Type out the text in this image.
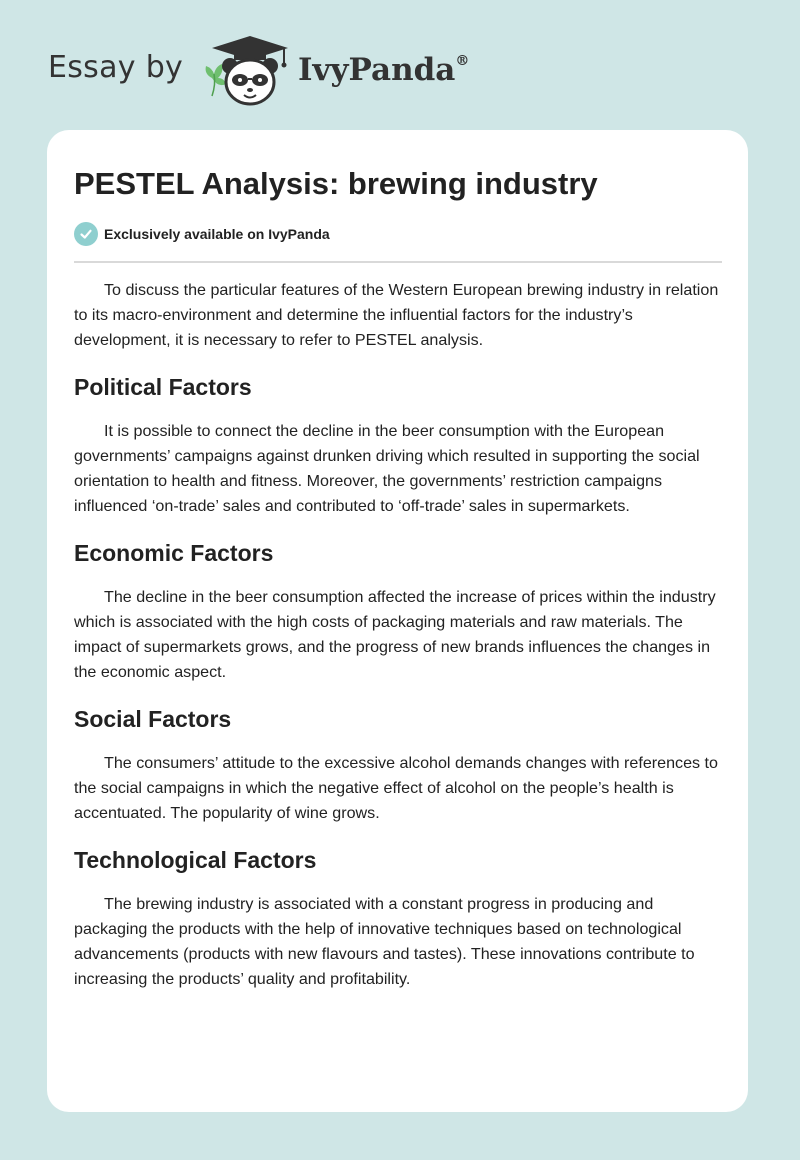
Essay by	IvyPanda®
PESTEL Analysis: brewing industry
Exclusively available on IvyPanda

To discuss the particular features of the Western European brewing industry in relation to its macro-environment and determine the influential factors for the industry’s development, it is necessary to refer to PESTEL analysis.

Political Factors

It is possible to connect the decline in the beer consumption with the European governments’ campaigns against drunken driving which resulted in supporting the social orientation to health and fitness. Moreover, the governments’ restriction campaigns influenced ‘on-trade’ sales and contributed to ‘off-trade’ sales in supermarkets.

Economic Factors

The decline in the beer consumption affected the increase of prices within the industry which is associated with the high costs of packaging materials and raw materials. The impact of supermarkets grows, and the progress of new brands influences the changes in the economic aspect.

Social Factors

The consumers’ attitude to the excessive alcohol demands changes with references to the social campaigns in which the negative effect of alcohol on the people’s health is accentuated. The popularity of wine grows.

Technological Factors

The brewing industry is associated with a constant progress in producing and packaging the products with the help of innovative techniques based on technological advancements (products with new flavours and tastes). These innovations contribute to increasing the products’ quality and profitability.
